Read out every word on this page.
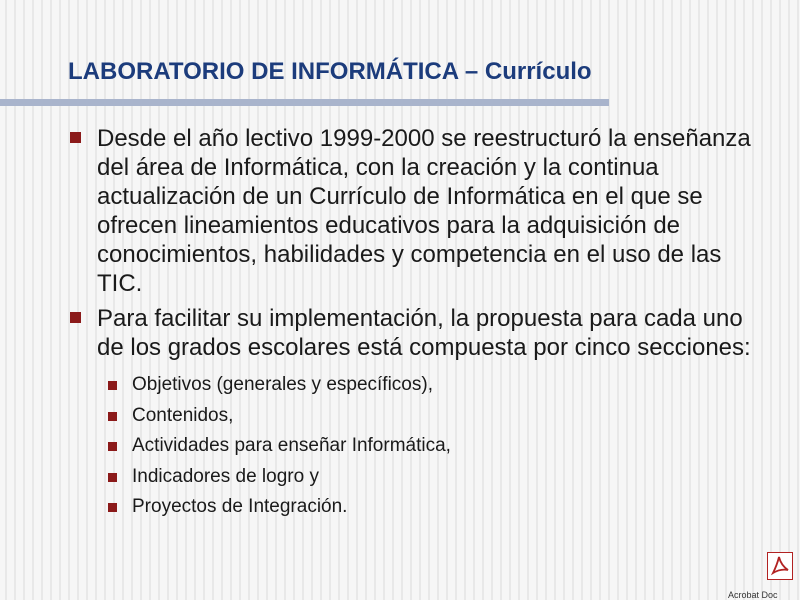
LABORATORIO DE INFORMÁTICA – Currículo
Desde el año lectivo 1999-2000 se reestructuró la enseñanza del área de Informática, con la creación y la continua actualización de un Currículo de Informática en el que se ofrecen lineamientos educativos para la adquisición de conocimientos, habilidades y competencia en el uso de las TIC.
Para facilitar su implementación, la propuesta para cada uno de los grados escolares está compuesta por cinco secciones:
Objetivos (generales y específicos),
Contenidos,
Actividades para enseñar Informática,
Indicadores de logro y
Proyectos de Integración.
Acrobat Doc
